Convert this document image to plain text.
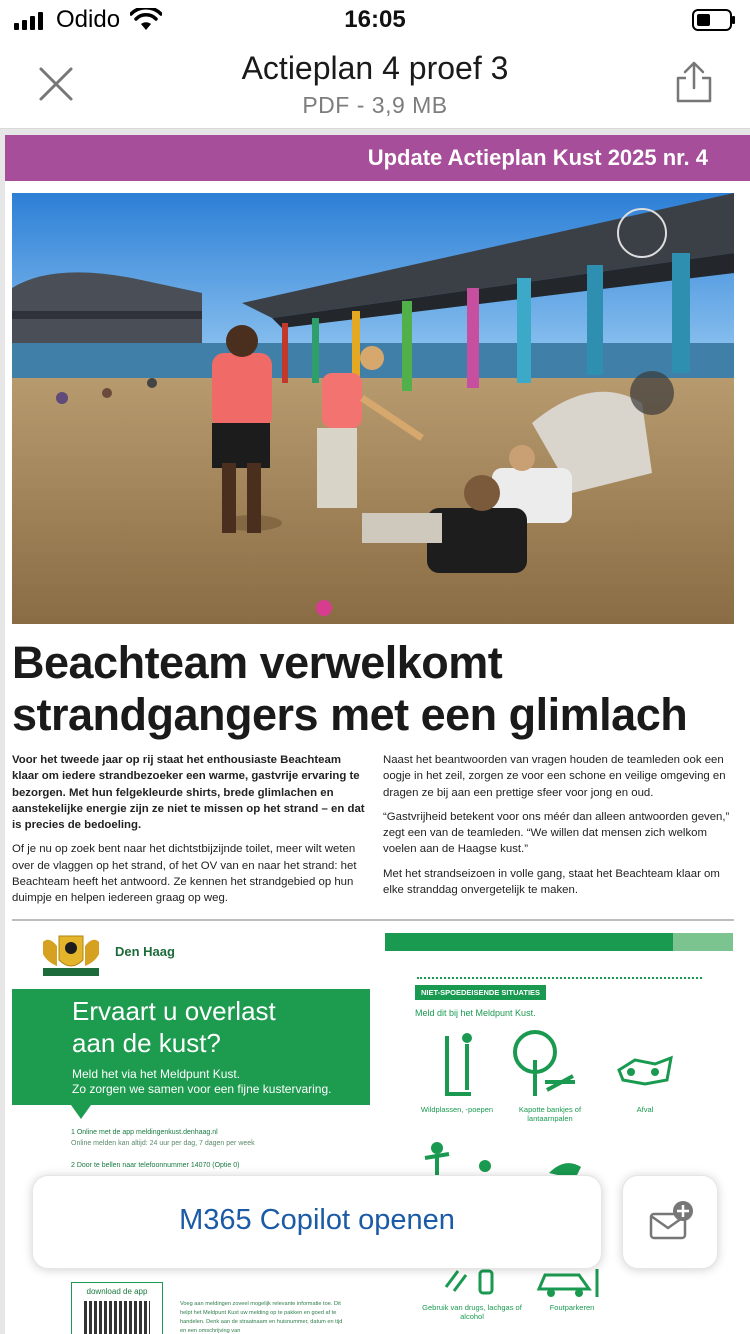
Odido	16:05
Actieplan 4 proef 3
PDF - 3,9 MB
Update Actieplan Kust 2025 nr. 4
Beachteam verwelkomt
strandgangers met een glimlach

Voor het tweede jaar op rij staat het enthousiaste Beachteam klaar om iedere strandbezoeker een warme, gastvrije ervaring te bezorgen. Met hun felgekleurde shirts, brede glimlachen en aanstekelijke energie zijn ze niet te missen op het strand – en dat is precies de bedoeling.

Of je nu op zoek bent naar het dichtstbijzijnde toilet, meer wilt weten over de vlaggen op het strand, of het OV van en naar het strand: het Beachteam heeft het antwoord. Ze kennen het strandgebied op hun duimpje en helpen iedereen graag op weg.

Naast het beantwoorden van vragen houden de teamleden ook een oogje in het zeil, zorgen ze voor een schone en veilige omgeving en dragen ze bij aan een prettige sfeer voor jong en oud.

“Gastvrijheid betekent voor ons méér dan alleen antwoorden geven,” zegt een van de teamleden. “We willen dat mensen zich welkom voelen aan de Haagse kust.”

Met het strandseizoen in volle gang, staat het Beachteam klaar om elke stranddag onvergetelijk te maken.

Den Haag
NIET-SPOEDEISENDE SITUATIES
Meld dit bij het Meldpunt Kust.
Ervaart u overlast
aan de kust?
Meld het via het Meldpunt Kust.
Zo zorgen we samen voor een fijne kustervaring.
1 Online met de app meldingenkust.denhaag.nl
Online melden kan altijd: 24 uur per dag, 7 dagen per week
2 Door te bellen naar telefoonnummer 14070 (Optie 0)
Wildplassen, -poepen	Kapotte bankjes of lantaarnpalen
Afval
Gebruik van drugs, lachgas of alcohol
Foutparkeren
download de app
Voeg aan meldingen zoveel mogelijk relevante informatie toe. Dit helpt het Meldpunt Kust uw melding op te pakken en goed af te handelen. Denk aan de straatnaam en huisnummer, datum en tijd en een omschrijving van
M365 Copilot openen
